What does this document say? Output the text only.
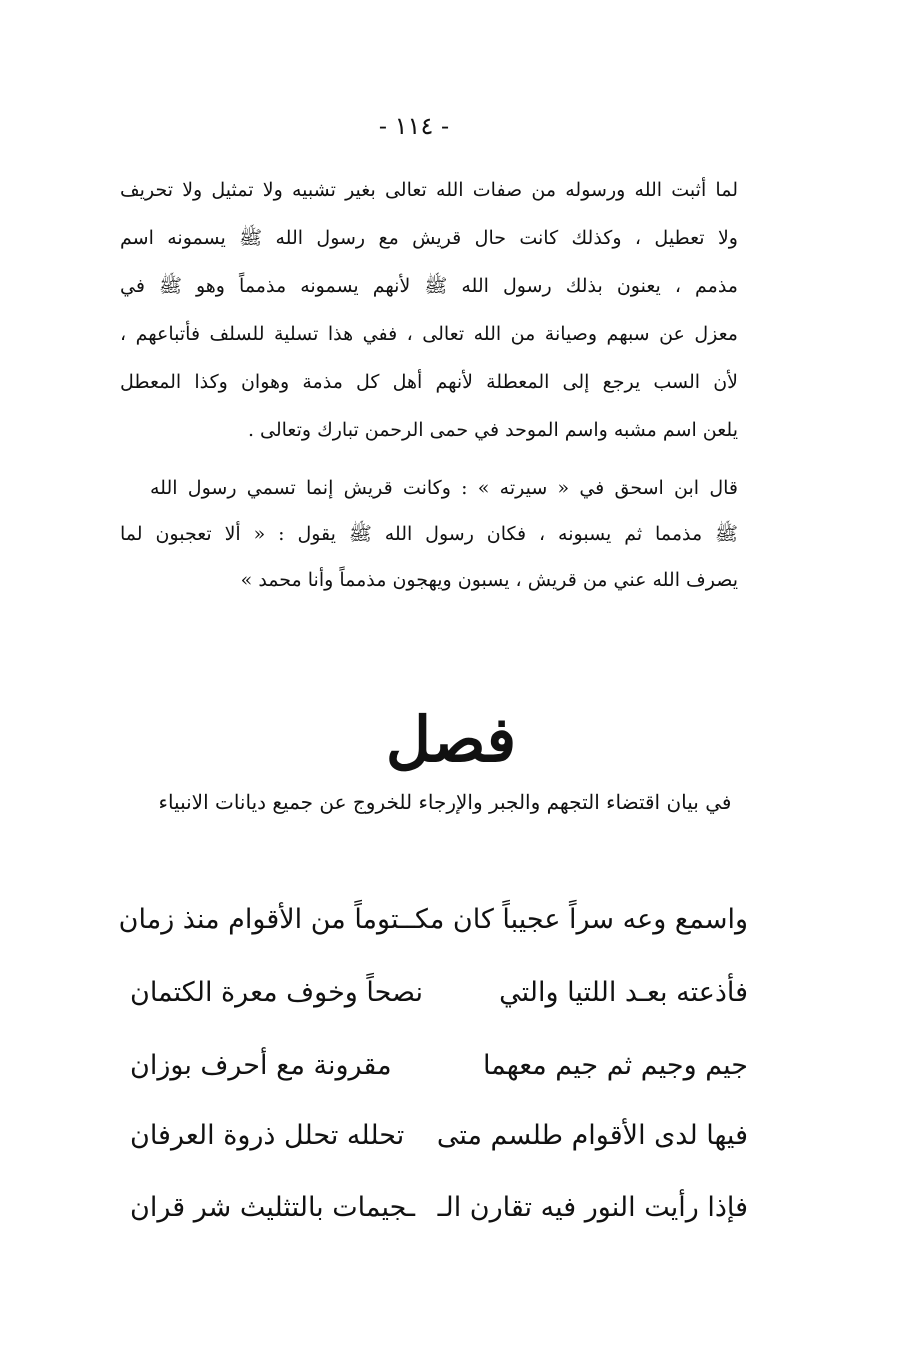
- ١١٤ -
لما أثبت الله ورسوله من صفات الله تعالى بغير تشبيه ولا تمثيل ولا تحريف
ولا تعطيل ، وكذلك كانت حال قريش مع رسول الله ﷺ يسمونه اسم
مذمم ، يعنون بذلك رسول الله ﷺ لأنهم يسمونه مذمماً وهو ﷺ في
معزل عن سبهم وصيانة من الله تعالى ، ففي هذا تسلية للسلف فأتباعهم ،
لأن السب يرجع إلى المعطلة لأنهم أهل كل مذمة وهوان وكذا المعطل
يلعن اسم مشبه واسم الموحد في حمى الرحمن تبارك وتعالى .
قال ابن اسحق في « سيرته » : وكانت قريش إنما تسمي رسول الله
ﷺ مذمما ثم يسبونه ، فكان رسول الله ﷺ يقول : « ألا تعجبون لما
يصرف الله عني من قريش ، يسبون ويهجون مذمماً وأنا محمد »
فصل
في بيان اقتضاء التجهم والجبر والإرجاء للخروج عن جميع ديانات الانبياء
واسمع وعه سراً عجيباً كان مكـ
ـتوماً من الأقوام منذ زمان
فأذعته بعـد اللتيا والتي
نصحاً وخوف معرة الكتمان
جيم وجيم ثم جيم معهما
مقرونة مع أحرف بوزان
فيها لدى الأقوام طلسم متى
تحلله تحلل ذروة العرفان
فإذا رأيت النور فيه تقارن الـ
ـجيمات بالتثليث شر قران
